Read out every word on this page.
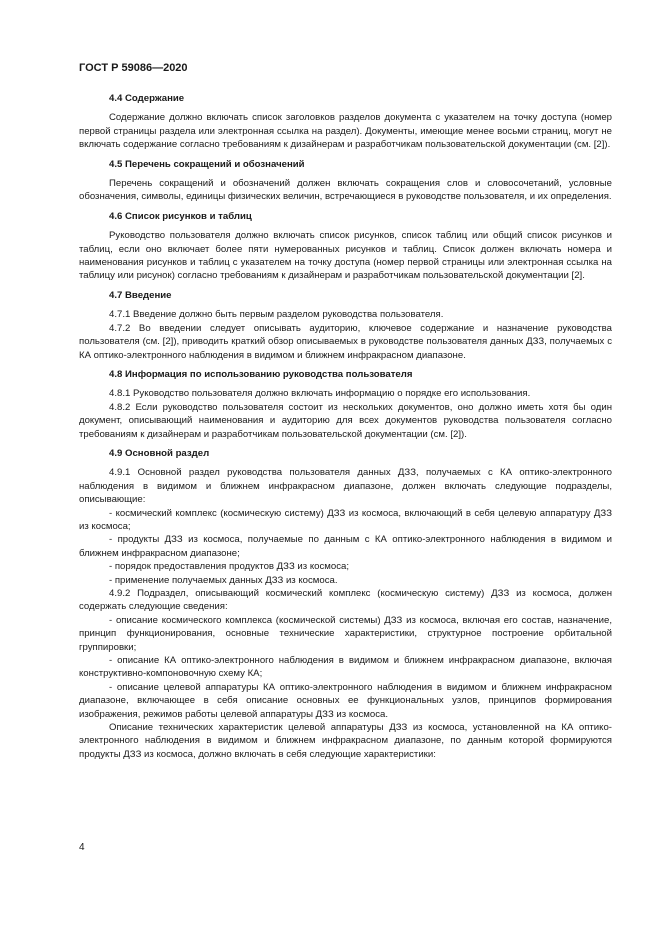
ГОСТ Р 59086—2020

4.4 Содержание

Содержание должно включать список заголовков разделов документа с указателем на точку доступа (номер первой страницы раздела или электронная ссылка на раздел). Документы, имеющие менее восьми страниц, могут не включать содержание согласно требованиям к дизайнерам и разработчикам пользовательской документации (см. [2]).

4.5 Перечень сокращений и обозначений

Перечень сокращений и обозначений должен включать сокращения слов и словосочетаний, условные обозначения, символы, единицы физических величин, встречающиеся в руководстве пользователя, и их определения.

4.6 Список рисунков и таблиц

Руководство пользователя должно включать список рисунков, список таблиц или общий список рисунков и таблиц, если оно включает более пяти нумерованных рисунков и таблиц. Список должен включать номера и наименования рисунков и таблиц с указателем на точку доступа (номер первой страницы или электронная ссылка на таблицу или рисунок) согласно требованиям к дизайнерам и разработчикам пользовательской документации [2].

4.7 Введение

4.7.1 Введение должно быть первым разделом руководства пользователя.

4.7.2 Во введении следует описывать аудиторию, ключевое содержание и назначение руководства пользователя (см. [2]), приводить краткий обзор описываемых в руководстве пользователя данных ДЗЗ, получаемых с КА оптико-электронного наблюдения в видимом и ближнем инфракрасном диапазоне.

4.8 Информация по использованию руководства пользователя

4.8.1 Руководство пользователя должно включать информацию о порядке его использования.

4.8.2 Если руководство пользователя состоит из нескольких документов, оно должно иметь хотя бы один документ, описывающий наименования и аудиторию для всех документов руководства пользователя согласно требованиям к дизайнерам и разработчикам пользовательской документации (см. [2]).

4.9 Основной раздел

4.9.1 Основной раздел руководства пользователя данных ДЗЗ, получаемых с КА оптико-электронного наблюдения в видимом и ближнем инфракрасном диапазоне, должен включать следующие подразделы, описывающие:

- космический комплекс (космическую систему) ДЗЗ из космоса, включающий в себя целевую аппаратуру ДЗЗ из космоса;

- продукты ДЗЗ из космоса, получаемые по данным с КА оптико-электронного наблюдения в видимом и ближнем инфракрасном диапазоне;

- порядок предоставления продуктов ДЗЗ из космоса;

- применение получаемых данных ДЗЗ из космоса.

4.9.2 Подраздел, описывающий космический комплекс (космическую систему) ДЗЗ из космоса, должен содержать следующие сведения:

- описание космического комплекса (космической системы) ДЗЗ из космоса, включая его состав, назначение, принцип функционирования, основные технические характеристики, структурное построение орбитальной группировки;

- описание КА оптико-электронного наблюдения в видимом и ближнем инфракрасном диапазоне, включая конструктивно-компоновочную схему КА;

- описание целевой аппаратуры КА оптико-электронного наблюдения в видимом и ближнем инфракрасном диапазоне, включающее в себя описание основных ее функциональных узлов, принципов формирования изображения, режимов работы целевой аппаратуры ДЗЗ из космоса.

Описание технических характеристик целевой аппаратуры ДЗЗ из космоса, установленной на КА оптико-электронного наблюдения в видимом и ближнем инфракрасном диапазоне, по данным которой формируются продукты ДЗЗ из космоса, должно включать в себя следующие характеристики:

4
